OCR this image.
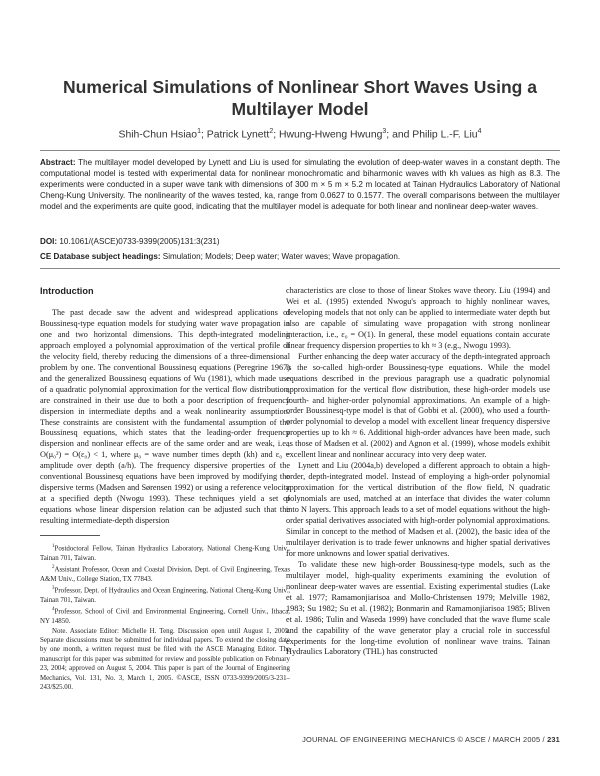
Numerical Simulations of Nonlinear Short Waves Using a
Multilayer Model
Shih-Chun Hsiao$^1$; Patrick Lynett$^2$; Hwung-Hweng Hwung$^3$; and Philip L.-F. Liu$^4$
Abstract: The multilayer model developed by Lynett and Liu is used for simulating the evolution of deep-water waves in a constant depth. The computational model is tested with experimental data for nonlinear monochromatic and biharmonic waves with kh values as high as 8.3. The experiments were conducted in a super wave tank with dimensions of 300 m × 5 m × 5.2 m located at Tainan Hydraulics Laboratory of National Cheng-Kung University. The nonlinearity of the waves tested, ka, range from 0.0627 to 0.1577. The overall comparisons between the multilayer model and the experiments are quite good, indicating that the multilayer model is adequate for both linear and nonlinear deep-water waves.
DOI: 10.1061/(ASCE)0733-9399(2005)131:3(231)
CE Database subject headings: Simulation; Models; Deep water; Water waves; Wave propagation.
Introduction

The past decade saw the advent and widespread applications of Boussinesq-type equation models for studying water wave propagation in one and two horizontal dimensions. This depth-integrated modeling approach employed a polynomial approximation of the vertical profile of the velocity field, thereby reducing the dimensions of a three-dimensional problem by one. The conventional Boussinesq equations (Peregrine 1967) and the generalized Boussinesq equations of Wu (1981), which made use of a quadratic polynomial approximation for the vertical flow distribution, are constrained in their use due to both a poor description of frequency dispersion in intermediate depths and a weak nonlinearity assumption. These constraints are consistent with the fundamental assumption of the Boussinesq equations, which states that the leading-order frequency dispersion and nonlinear effects are of the same order and are weak, i.e., O(μ₀²) = O(ε₀) < 1, where μ₀ = wave number times depth (kh) and ε₀ = amplitude over depth (a/h). The frequency dispersive properties of the conventional Boussinesq equations have been improved by modifying the dispersive terms (Madsen and Sørensen 1992) or using a reference velocity at a specified depth (Nwogu 1993). These techniques yield a set of equations whose linear dispersion relation can be adjusted such that the resulting intermediate-depth dispersion

$^1$Postdoctoral Fellow, Tainan Hydraulics Laboratory, National Cheng-Kung Univ., Tainan 701, Taiwan.

$^2$Assistant Professor, Ocean and Coastal Division, Dept. of Civil Engineering, Texas A&M Univ., College Station, TX 77843.

$^3$Professor, Dept. of Hydraulics and Ocean Engineering, National Cheng-Kung Univ., Tainan 701, Taiwan.

$^4$Professor, School of Civil and Environmental Engineering, Cornell Univ., Ithaca, NY 14850.

Note. Associate Editor: Michelle H. Teng. Discussion open until August 1, 2005. Separate discussions must be submitted for individual papers. To extend the closing date by one month, a written request must be filed with the ASCE Managing Editor. The manuscript for this paper was submitted for review and possible publication on February 23, 2004; approved on August 5, 2004. This paper is part of the Journal of Engineering Mechanics, Vol. 131, No. 3, March 1, 2005. ©ASCE, ISSN 0733-9399/2005/3-231–243/$25.00.

characteristics are close to those of linear Stokes wave theory. Liu (1994) and Wei et al. (1995) extended Nwogu's approach to highly nonlinear waves, developing models that not only can be applied to intermediate water depth but also are capable of simulating wave propagation with strong nonlinear interaction, i.e., ε₀ = O(1). In general, these model equations contain accurate linear frequency dispersion properties to kh ≈ 3 (e.g., Nwogu 1993).

Further enhancing the deep water accuracy of the depth-integrated approach is the so-called high-order Boussinesq-type equations. While the model equations described in the previous paragraph use a quadratic polynomial approximation for the vertical flow distribution, these high-order models use fourth- and higher-order polynomial approximations. An example of a high-order Boussinesq-type model is that of Gobbi et al. (2000), who used a fourth-order polynomial to develop a model with excellent linear frequency dispersive properties up to kh ≈ 6. Additional high-order advances have been made, such as those of Madsen et al. (2002) and Agnon et al. (1999), whose models exhibit excellent linear and nonlinear accuracy into very deep water.

Lynett and Liu (2004a,b) developed a different approach to obtain a high-order, depth-integrated model. Instead of employing a high-order polynomial approximation for the vertical distribution of the flow field, N quadratic polynomials are used, matched at an interface that divides the water column into N layers. This approach leads to a set of model equations without the high-order spatial derivatives associated with high-order polynomial approximations. Similar in concept to the method of Madsen et al. (2002), the basic idea of the multilayer derivation is to trade fewer unknowns and higher spatial derivatives for more unknowns and lower spatial derivatives.

To validate these new high-order Boussinesq-type models, such as the multilayer model, high-quality experiments examining the evolution of nonlinear deep-water waves are essential. Existing experimental studies (Lake et al. 1977; Ramamonjiarisoa and Mollo-Christensen 1979; Melville 1982, 1983; Su 1982; Su et al. (1982); Bonmarin and Ramamonjiarisoa 1985; Bliven et al. 1986; Tulin and Waseda 1999) have concluded that the wave flume scale and the capability of the wave generator play a crucial role in successful experiments for the long-time evolution of nonlinear wave trains. Tainan Hydraulics Laboratory (THL) has constructed

JOURNAL OF ENGINEERING MECHANICS © ASCE / MARCH 2005 / 231
